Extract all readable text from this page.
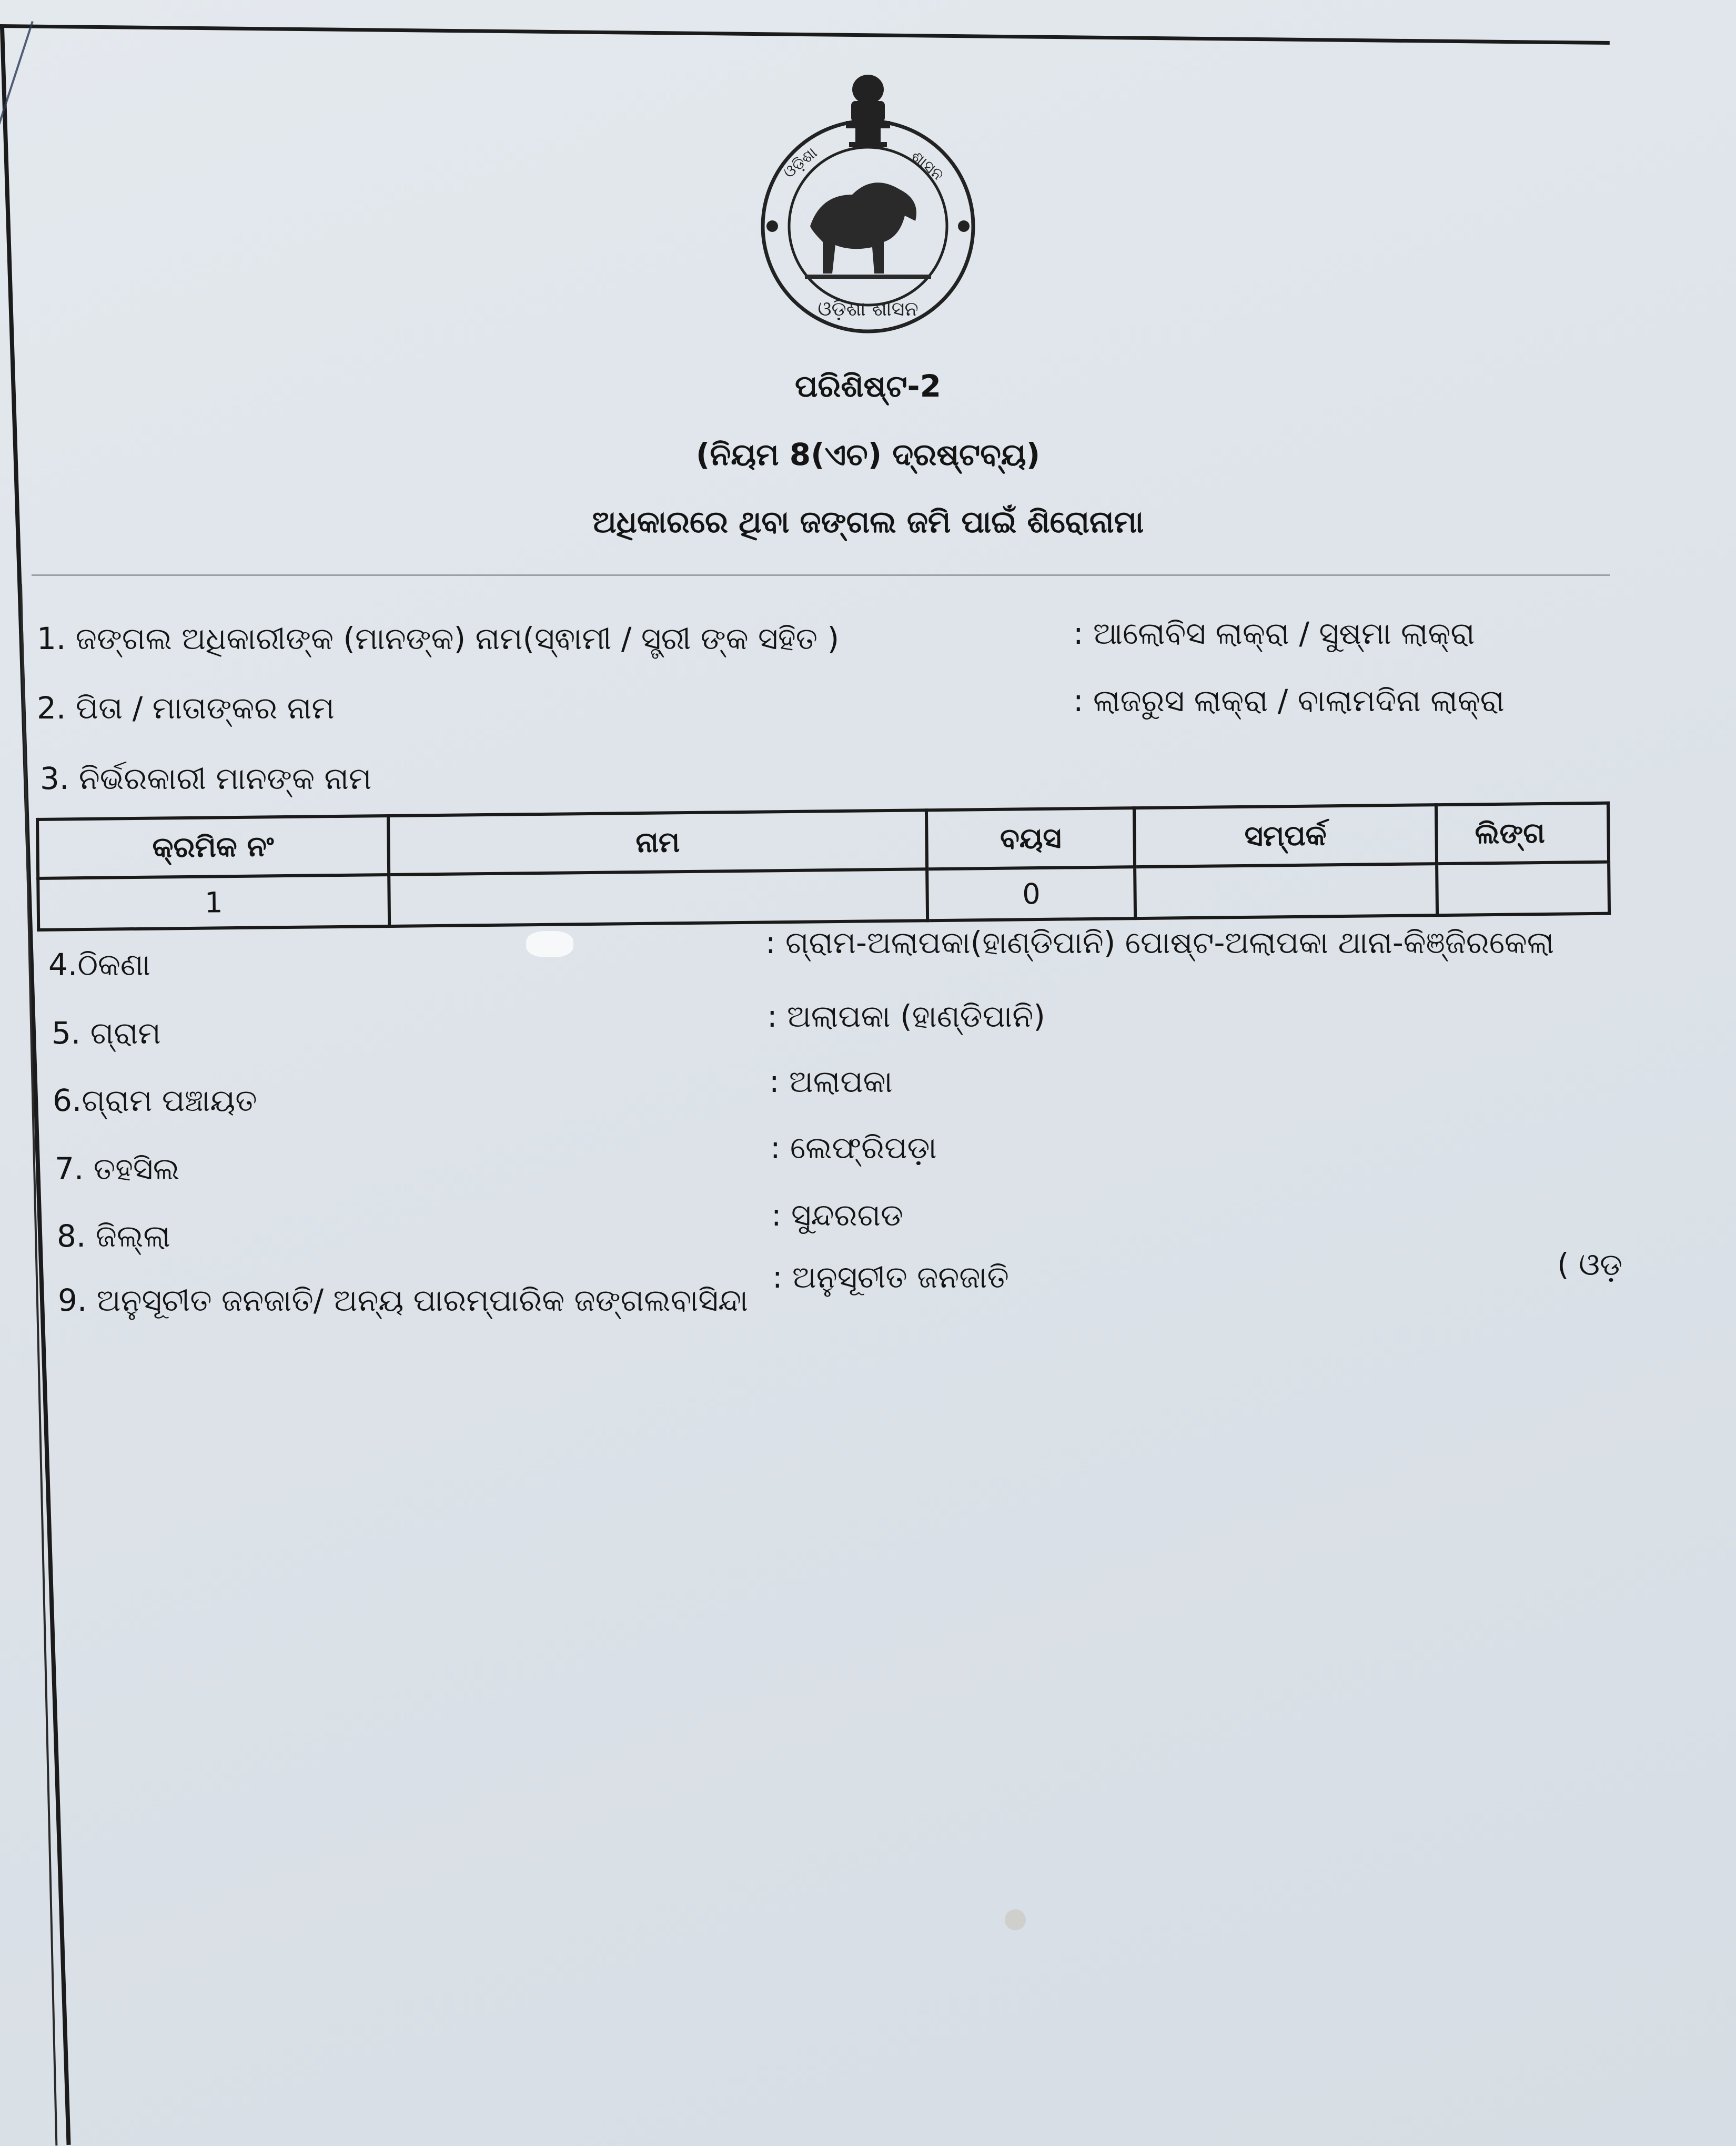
ଓଡ଼ିଶା	ଶାସନ
ଓଡ଼ିଶା ଶାସନ
ପରିଶିଷ୍ଟ-2
(ନିୟମ 8(ଏଚ) ଦ୍ରଷ୍ଟବ୍ୟ)
ଅଧିକାରରେ ଥିବା ଜଙ୍ଗଲ ଜମି ପାଇଁ ଶିରୋନାମା
1. ଜଙ୍ଗଲ ଅଧିକାରୀଙ୍କ (ମାନଙ୍କ) ନାମ(ସ୍ଵାମୀ / ସ୍ତ୍ରୀ ଙ୍କ ସହିତ )	: ଆଲୋବିସ ଲାକ୍ରା / ସୁଷ୍ମା ଲାକ୍ରା
2. ପିତା / ମାତାଙ୍କର ନାମ	: ଲାଜରୁସ ଲାକ୍ରା / ବାଲାମଦିନା ଲାକ୍ରା
3. ନିର୍ଭରକାରୀ ମାନଙ୍କ ନାମ
କ୍ରମିକ ନଂ	ନାମ	ବୟସ	ସମ୍ପର୍କ	ଲିଙ୍ଗ
1		0		
4.ଠିକଣା
: ଗ୍ରାମ-ଅଲାପକା(ହାଣ୍ଡିପାନି) ପୋଷ୍ଟ-ଅଲାପକା ଥାନା-କିଞ୍ଜିରକେଲା
5. ଗ୍ରାମ	: ଅଲାପକା (ହାଣ୍ଡିପାନି)
6.ଗ୍ରାମ ପଞ୍ଚାୟତ
: ଅଲାପକା
7. ତହସିଲ
: ଲେଫ୍ରିପଡ଼ା
8. ଜିଲ୍ଲା
: ସୁନ୍ଦରଗଡ
9. ଅନୁସୂଚୀତ ଜନଜାତି/ ଅନ୍ୟ ପାରମ୍ପାରିକ ଜଙ୍ଗଲବାସିନ୍ଦା
: ଅନୁସୂଚୀତ ଜନଜାତି	( ଓଡ଼
